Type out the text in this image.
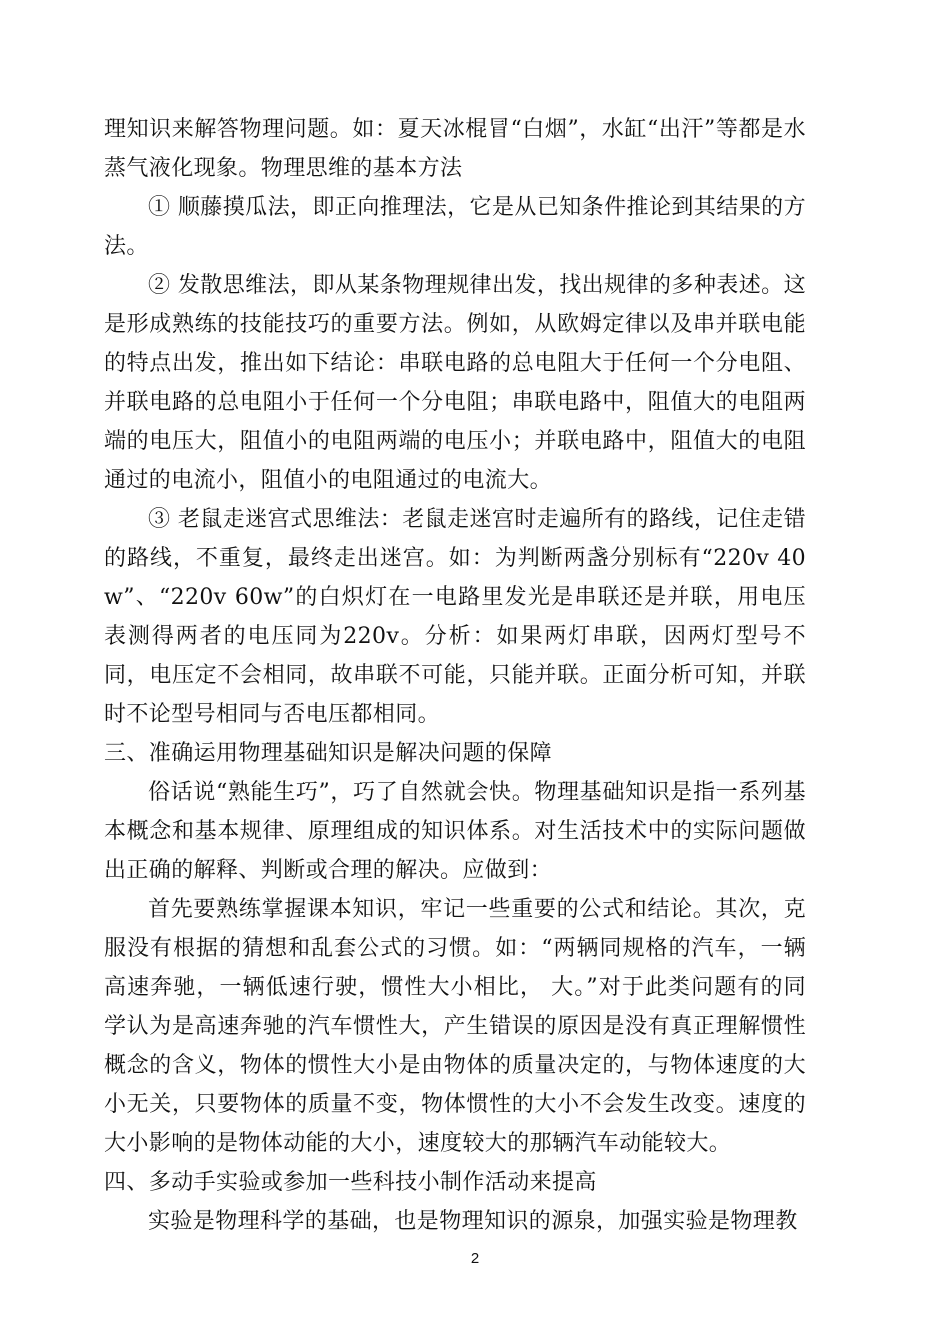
理知识来解答物理问题。如：夏天冰棍冒“白烟”，水缸“出汗”等都是水蒸气液化现象。物理思维的基本方法

① 顺藤摸瓜法，即正向推理法，它是从已知条件推论到其结果的方法。

② 发散思维法，即从某条物理规律出发，找出规律的多种表述。这是形成熟练的技能技巧的重要方法。例如，从欧姆定律以及串并联电能的特点出发，推出如下结论：串联电路的总电阻大于任何一个分电阻、并联电路的总电阻小于任何一个分电阻；串联电路中，阻值大的电阻两端的电压大，阻值小的电阻两端的电压小；并联电路中，阻值大的电阻通过的电流小，阻值小的电阻通过的电流大。

③ 老鼠走迷宫式思维法：老鼠走迷宫时走遍所有的路线，记住走错的路线，不重复，最终走出迷宫。如：为判断两盏分别标有“220v 40w”、“220v 60w”的白炽灯在一电路里发光是串联还是并联，用电压表测得两者的电压同为220v。分析：如果两灯串联，因两灯型号不同，电压定不会相同，故串联不可能，只能并联。正面分析可知，并联时不论型号相同与否电压都相同。

三、准确运用物理基础知识是解决问题的保障

俗话说“熟能生巧”，巧了自然就会快。物理基础知识是指一系列基本概念和基本规律、原理组成的知识体系。对生活技术中的实际问题做出正确的解释、判断或合理的解决。应做到：

首先要熟练掌握课本知识，牢记一些重要的公式和结论。其次，克服没有根据的猜想和乱套公式的习惯。如：“两辆同规格的汽车，一辆高速奔驰，一辆低速行驶，惯性大小相比， 大。”对于此类问题有的同学认为是高速奔驰的汽车惯性大，产生错误的原因是没有真正理解惯性概念的含义，物体的惯性大小是由物体的质量决定的，与物体速度的大小无关，只要物体的质量不变，物体惯性的大小不会发生改变。速度的大小影响的是物体动能的大小，速度较大的那辆汽车动能较大。

四、多动手实验或参加一些科技小制作活动来提高

实验是物理科学的基础，也是物理知识的源泉，加强实验是物理教

2
